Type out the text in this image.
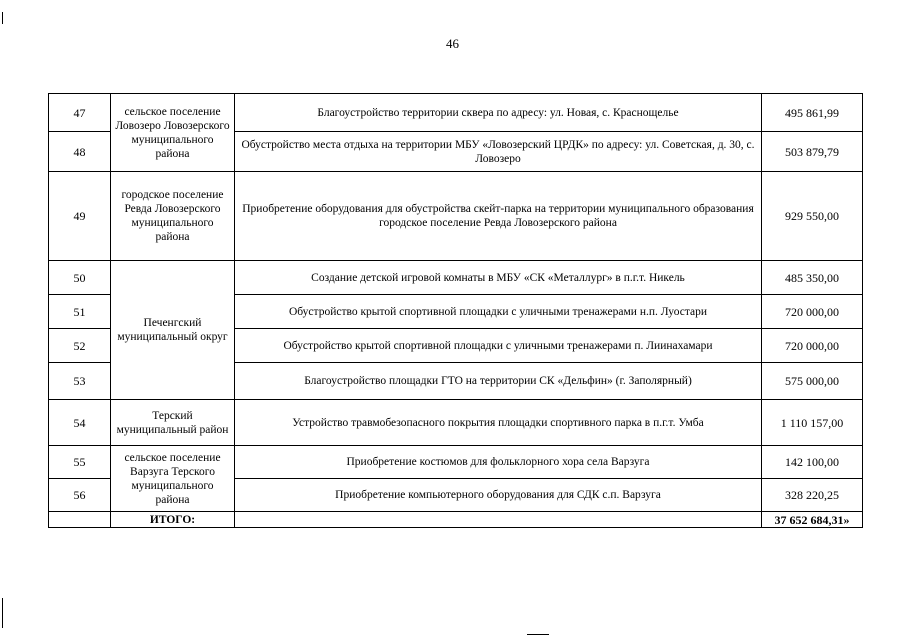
46
47	сельское поселение Ловозеро Ловозерского муниципального района	Благоустройство территории сквера по адресу: ул. Новая, с. Краснощелье	495 861,99
48		Обустройство места отдыха на территории МБУ «Ловозерский ЦРДК» по адресу: ул. Советская, д. 30, с. Ловозеро	503 879,79
49	городское поселение Ревда Ловозерского муниципального района	Приобретение оборудования для обустройства скейт-парка на территории муниципального образования городское поселение Ревда Ловозерского района	929 550,00
50	Печенгский муниципальный округ	Создание детской игровой комнаты в МБУ «СК «Металлург» в п.г.т. Никель	485 350,00
51		Обустройство крытой спортивной площадки с уличными тренажерами н.п. Луостари	720 000,00
52		Обустройство крытой спортивной площадки с уличными тренажерами п. Лиинахамари	720 000,00
53		Благоустройство площадки ГТО на территории СК «Дельфин» (г. Заполярный)	575 000,00
54	Терский муниципальный район	Устройство травмобезопасного покрытия площадки спортивного парка в п.г.т. Умба	1 110 157,00
55	сельское поселение Варзуга Терского муниципального района	Приобретение костюмов для фольклорного хора села Варзуга	142 100,00
56		Приобретение компьютерного оборудования для СДК с.п. Варзуга	328 220,25
	ИТОГО:		37 652 684,31»
